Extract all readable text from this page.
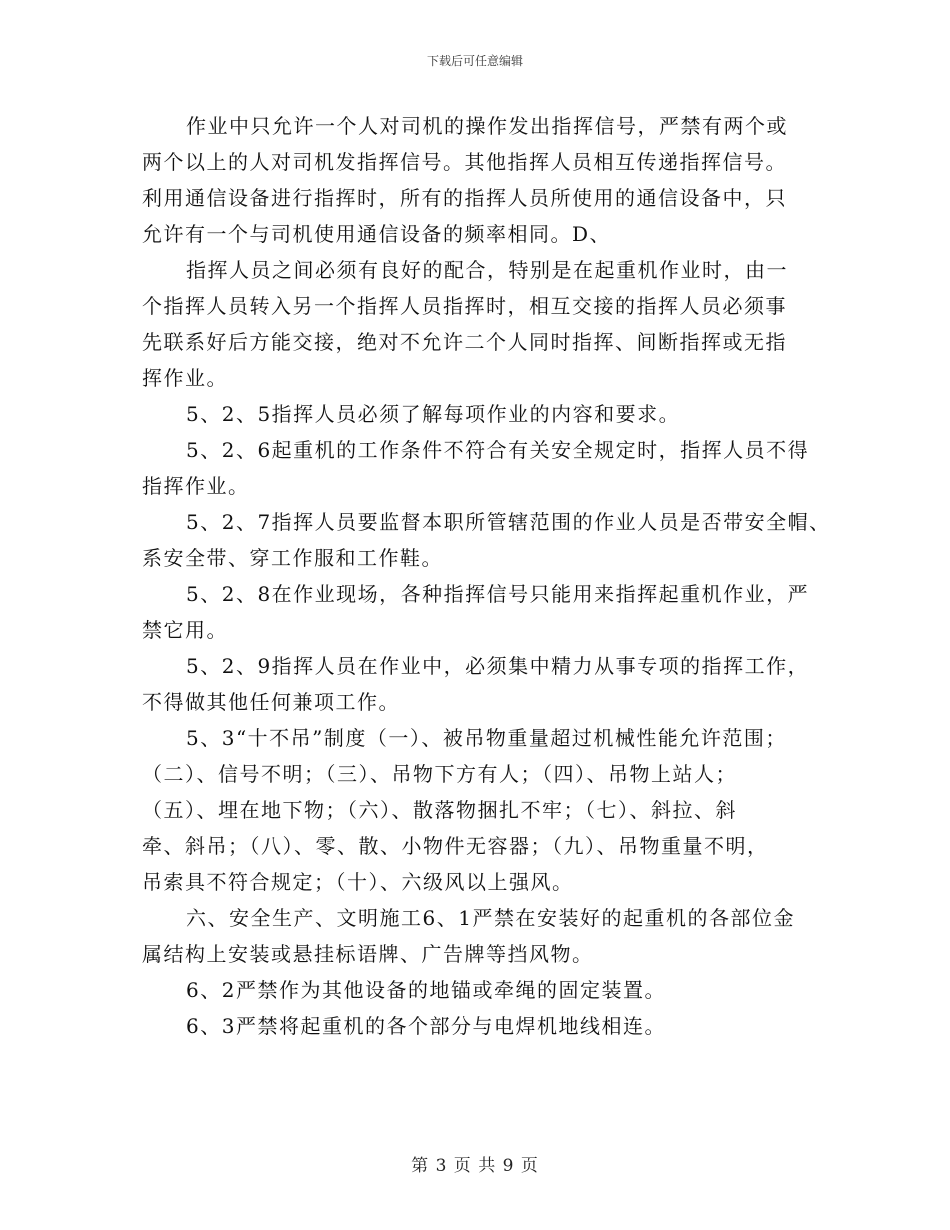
下载后可任意编辑

作业中只允许一个人对司机的操作发出指挥信号，严禁有两个或
两个以上的人对司机发指挥信号。其他指挥人员相互传递指挥信号。
利用通信设备进行指挥时，所有的指挥人员所使用的通信设备中，只
允许有一个与司机使用通信设备的频率相同。D、

指挥人员之间必须有良好的配合，特别是在起重机作业时，由一
个指挥人员转入另一个指挥人员指挥时，相互交接的指挥人员必须事
先联系好后方能交接，绝对不允许二个人同时指挥、间断指挥或无指
挥作业。

5、2、5指挥人员必须了解每项作业的内容和要求。

5、2、6起重机的工作条件不符合有关安全规定时，指挥人员不得
指挥作业。

5、2、7指挥人员要监督本职所管辖范围的作业人员是否带安全帽、
系安全带、穿工作服和工作鞋。

5、2、8在作业现场，各种指挥信号只能用来指挥起重机作业，严
禁它用。

5、2、9指挥人员在作业中，必须集中精力从事专项的指挥工作，
不得做其他任何兼项工作。

5、3“十不吊”制度（一）、被吊物重量超过机械性能允许范围；
（二）、信号不明；（三）、吊物下方有人；（四）、吊物上站人；
（五）、埋在地下物；（六）、散落物捆扎不牢；（七）、斜拉、斜
牵、斜吊；（八）、零、散、小物件无容器；（九）、吊物重量不明，
吊索具不符合规定；（十）、六级风以上强风。

六、安全生产、文明施工6、1严禁在安装好的起重机的各部位金
属结构上安装或悬挂标语牌、广告牌等挡风物。

6、2严禁作为其他设备的地锚或牵绳的固定装置。

6、3严禁将起重机的各个部分与电焊机地线相连。

第 3 页 共 9 页
